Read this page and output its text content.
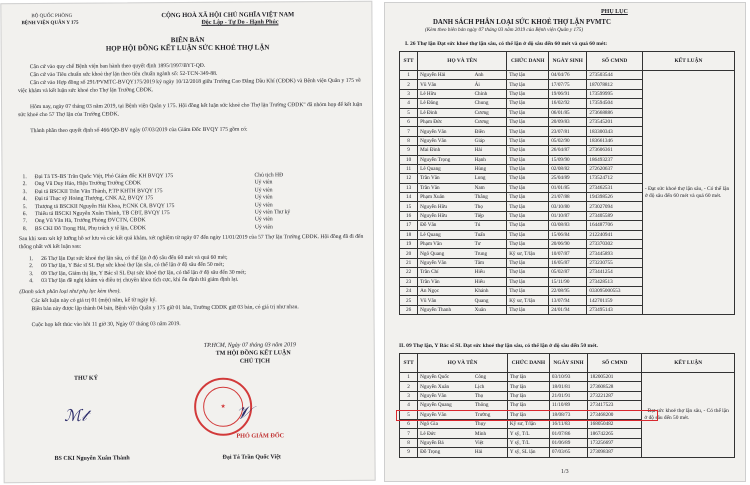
BỘ QUỐC PHÒNG
BỆNH VIỆN QUÂN Y 175
CỘNG HOÀ XÃ HỘI CHỦ NGHĨA VIỆT NAM
Độc Lập - Tự Do - Hạnh Phúc
BIÊN BẢN
HỌP HỘI ĐỒNG KẾT LUẬN SỨC KHOẺ THỢ LẶN
Căn cứ vào quy chế Bệnh viện ban hành theo quyết định 1895/1997/BYT-QĐ.
Căn cứ vào Tiêu chuẩn sức khoẻ thợ lặn theo tiêu chuẩn ngành số: 52-TCN-349-88.
Căn cứ vào Hợp đồng số 291/PVMTC-BVQY175/2019 ký ngày 10/12/2018 giữa Trường Cao Đẳng Dầu Khí (CĐDK) và Bệnh viện Quân y 175 về việc khám và kết luận sức khoẻ cho Thợ lặn Trường CĐDK.
Hôm nay, ngày 07 tháng 03 năm 2019, tại Bệnh viện Quân y 175. Hội đồng kết luận sức khoẻ cho Thợ lặn Trường CĐDK" đã nhóm họp để kết luận sức khoẻ cho 57 Thợ lặn của Trường CĐDK.
Thành phần theo quyết định số 466/QĐ-BV ngày 07/03/2019 của Giám Đốc BVQY 175 gồm có:
1.	Đại Tá TS-BS Trần Quốc Việt, Phó Giám đốc KH BVQY 175	Chủ tịch HĐ
2.	Ông Vũ Duy Hảo, Hiệu Trưởng Trường CĐDK	Uỷ viên
3.	Đại tá BSCKII Trần Văn Thành, P.TP KHTH BVQY 175	Uỷ viên
4.	Đại tá Thạc sỹ Hoàng Thượng, CNK A2, BVQY 175	Uỷ viên
5.	Thượng tá BSCKII Nguyễn Hải Khoa, P.CNK C8, BVQY 175	Uỷ viên
6.	Thiếu tá BSCKI Nguyễn Xuân Thành, TB CĐT, BVQY 175	Uỷ viên Thư ký
7.	Ông Vũ Văn Hà, Trưởng Phòng ĐVCTN, CĐDK	Uỷ viên
8.	BS CKI Đỗ Trọng Hải, Phụ trách y tế lặn, CĐDK	Uỷ viên
Sau khi xem xét kỹ lưỡng hồ sơ lưu và các kết quả khám, xét nghiệm từ ngày 07 đến ngày 11/01/2019 của 57 Thợ lặn Trường CĐDK. Hội đồng đã đi đến thống nhất với kết luận sau:
1.	26 Thợ lặn Đạt sức khoẻ thợ lặn sâu, có thể lặn ở độ sâu đến 60 mét và quá 60 mét;
2.	09 Thợ lặn, Y Bác sĩ SL Đạt sức khoẻ thợ lặn sâu, có thể lặn ở độ sâu đến 50 mét;
3.	09 Thợ lặn, Giám thị lặn, Y Bác sĩ SL Đạt sức khoẻ thợ lặn, có thể lặn ở độ sâu đến 30 mét;
4.	03 Thợ lặn đề nghị khám và điều trị chuyên khoa tích cực, khi ổn định thì giám định lại.
(Danh sách phân loại như phụ lục kèm theo).
Các kết luận này có giá trị 01 (một) năm, kể từ ngày ký.
Biên bản này được lập thành 04 bản, Bệnh viện Quân y 175 giữ 01 bản, Trường CĐDK giữ 03 bản, có giá trị như nhau.
Cuộc họp kết thúc vào hồi 11 giờ 30, Ngày 07 tháng 03 năm 2019.
TP.HCM, Ngày 07 tháng 03 năm 2019
TM HỘI ĐỒNG KẾT LUẬN
CHỦ TỊCH
THƯ KÝ
★
ℳ𝓉	𝒱
PHÓ GIÁM ĐỐC
BS CKI Nguyễn Xuân Thành	Đại Tá Trần Quốc Việt
PHỤ LỤC
DANH SÁCH PHÂN LOẠI SỨC KHOẺ THỢ LẶN PVMTC
(Kèm theo biên bản ngày 07 tháng 03 năm 2019 của Bệnh viện Quân y 175)
I. 26 Thợ lặn Đạt sức khoẻ thợ lặn sâu, có thể lặn ở độ sâu đến 60 mét và quá 60 mét:
STT	HỌ VÀ TÊN		CHỨC DANH	NGÀY SINH	SỐ CMND	KẾT LUẬN
1	Nguyễn Hải	Anh	Thợ lặn	04/04/76	273503544	- Đạt sức khoẻ thợ lặn sâu, - Có thể lặn ở độ sâu đến 60 mét và quá 60 mét.
2	Vũ Văn	Ái	Thợ lặn	17/07/75	187078812	
3	Lê Hữu	Chính	Thợ lặn	19/06/91	173599995	
4	Lê Đăng	Chung	Thợ lặn	16/02/92	173594504	
5	Lê Đình	Cương	Thợ lặn	06/01/85	273668886	
6	Phạm Đức	Cương	Thợ lặn	20/09/83	273545201	
7	Nguyễn Văn	Điền	Thợ lặn	23/07/81	183300343	
8	Nguyễn Văn	Giáp	Thợ lặn	05/02/90	183661346	
9	Mai Đình	Hải	Thợ lặn	26/04/87	273606361	
10	Nguyễn Trọng	Hạnh	Thợ lặn	15/09/90	186493237	
11	Lê Quang	Hùng	Thợ lặn	02/08/82	272620637	
12	Trần Văn	Long	Thợ lặn	25/04/89	173524712	
13	Trần Văn	Nam	Thợ lặn	01/01/85	273462531	
14	Phạm Xuân	Thắng	Thợ lặn	21/07/88	194398526	
15	Nguyễn Hữu	Thọ	Thợ lặn	03/10/80	273027094	
16	Nguyễn Hữu	Tiệp	Thợ lặn	01/10/87	273405589	
17	Đỗ Văn	Tú	Thợ lặn	03/08/83	164487706	
18	Lê Quang	Tuấn	Thợ lặn	15/06/84	212240941	
19	Phạm Văn	Tư	Thợ lặn	20/06/90	273370302	
20	Ngô Quang	Trung	Kỹ sư, T/lặn	10/07/87	273445893	
21	Nguyễn Văn	Tâm	Thợ lặn	16/05/87	273230755	
22	Trần Chí	Hiếu	Thợ lặn	05/02/87	273441254	
23	Trần Văn	Hiếu	Thợ lặn	15/11/90	273428513	
24	An Ngọc	Khánh	Thợ lặn	22/08/95	033095000553	
25	Vũ Văn	Quang	Kỹ sư, T/lặn	13/07/94	142701159	
26	Nguyễn Thanh	Xuân	Thợ lặn	24/01/94	273495143	
II. 09 Thợ lặn, Y Bác sĩ SL Đạt sức khoẻ thợ lặn sâu, có thể lặn ở độ sâu đến 50 mét.
STT	HỌ VÀ TÊN		CHỨC DANH	NGÀY SINH	SỐ CMND	KẾT LUẬN
1	Nguyễn Quốc	Công	Thợ lặn	03/10/93	182005201	- Đạt sức khoẻ thợ lặn sâu, - Có thể lặn ở độ sâu đến 50 mét.
2	Nguyễn Xuân	Lịch	Thợ lặn	18/01/81	273608528	
3	Nguyễn Văn	Thọ	Thợ lặn	21/01/91	273221287	
4	Nguyễn Quang	Thông	Thợ lặn	11/10/89	273417523	
5	Nguyễn Văn	Trường	Thợ lặn	18/08/73	273468200	
6	Ngô Gia	Thụy	Kỹ sư, T/lặn	16/11/83	168050482	
7	Lê Đức	Minh	Y sỹ, T/L	01/07/86	186742265	
8	Nguyễn Bá	Việt	Y sỹ, T/L	01/06/89	173256697	
9	Đỗ Trọng	Hải	Y sỹ, SL lặn	07/03/65	273098387	
1/3
